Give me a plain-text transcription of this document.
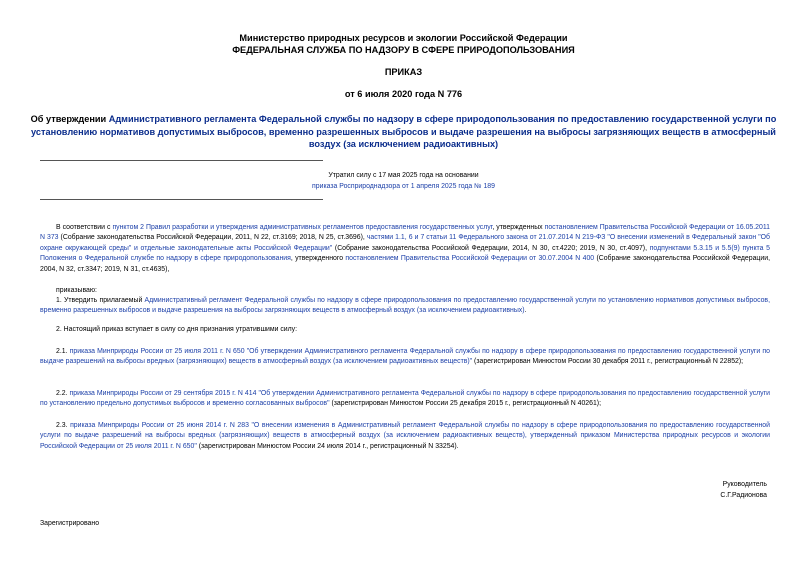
Министерство природных ресурсов и экологии Российской Федерации
ФЕДЕРАЛЬНАЯ СЛУЖБА ПО НАДЗОРУ В СФЕРЕ ПРИРОДОПОЛЬЗОВАНИЯ
ПРИКАЗ
от 6 июля 2020 года N 776
Об утверждении Административного регламента Федеральной службы по надзору в сфере природопользования по предоставлению государственной услуги по установлению нормативов допустимых выбросов, временно разрешенных выбросов и выдаче разрешения на выбросы загрязняющих веществ в атмосферный воздух (за исключением радиоактивных)
Утратил силу с 17 мая 2025 года на основании
приказа Росприроднадзора от 1 апреля 2025 года № 189
В соответствии с пунктом 2 Правил разработки и утверждения административных регламентов предоставления государственных услуг, утвержденных постановлением Правительства Российской Федерации от 16.05.2011 N 373 (Собрание законодательства Российской Федерации, 2011, N 22, ст.3169; 2018, N 25, ст.3696), частями 1.1, 6 и 7 статьи 11 Федерального закона от 21.07.2014 N 219-ФЗ "О внесении изменений в Федеральный закон "Об охране окружающей среды" и отдельные законодательные акты Российской Федерации" (Собрание законодательства Российской Федерации, 2014, N 30, ст.4220; 2019, N 30, ст.4097), подпунктами 5.3.15 и 5.5(9) пункта 5 Положения о Федеральной службе по надзору в сфере природопользования, утвержденного постановлением Правительства Российской Федерации от 30.07.2004 N 400 (Собрание законодательства Российской Федерации, 2004, N 32, ст.3347; 2019, N 31, ст.4635),
приказываю:
1. Утвердить прилагаемый Административный регламент Федеральной службы по надзору в сфере природопользования по предоставлению государственной услуги по установлению нормативов допустимых выбросов, временно разрешенных выбросов и выдаче разрешения на выбросы загрязняющих веществ в атмосферный воздух (за исключением радиоактивных).
2. Настоящий приказ вступает в силу со дня признания утратившими силу:
2.1. приказа Минприроды России от 25 июля 2011 г. N 650 "Об утверждении Административного регламента Федеральной службы по надзору в сфере природопользования по предоставлению государственной услуги по выдаче разрешений на выбросы вредных (загрязняющих) веществ в атмосферный воздух (за исключением радиоактивных веществ)" (зарегистрирован Минюстом России 30 декабря 2011 г., регистрационный N 22852);
2.2. приказа Минприроды России от 29 сентября 2015 г. N 414 "Об утверждении Административного регламента Федеральной службы по надзору в сфере природопользования по предоставлению государственной услуги по установлению предельно допустимых выбросов и временно согласованных выбросов" (зарегистрирован Минюстом России 25 декабря 2015 г., регистрационный N 40261);
2.3. приказа Минприроды России от 25 июня 2014 г. N 283 "О внесении изменения в Административный регламент Федеральной службы по надзору в сфере природопользования по предоставлению государственной услуги по выдаче разрешений на выбросы вредных (загрязняющих) веществ в атмосферный воздух (за исключением радиоактивных веществ), утвержденный приказом Министерства природных ресурсов и экологии Российской Федерации от 25 июля 2011 г. N 650" (зарегистрирован Минюстом России 24 июля 2014 г., регистрационный N 33254).
Руководитель
С.Г.Радионова
Зарегистрировано
